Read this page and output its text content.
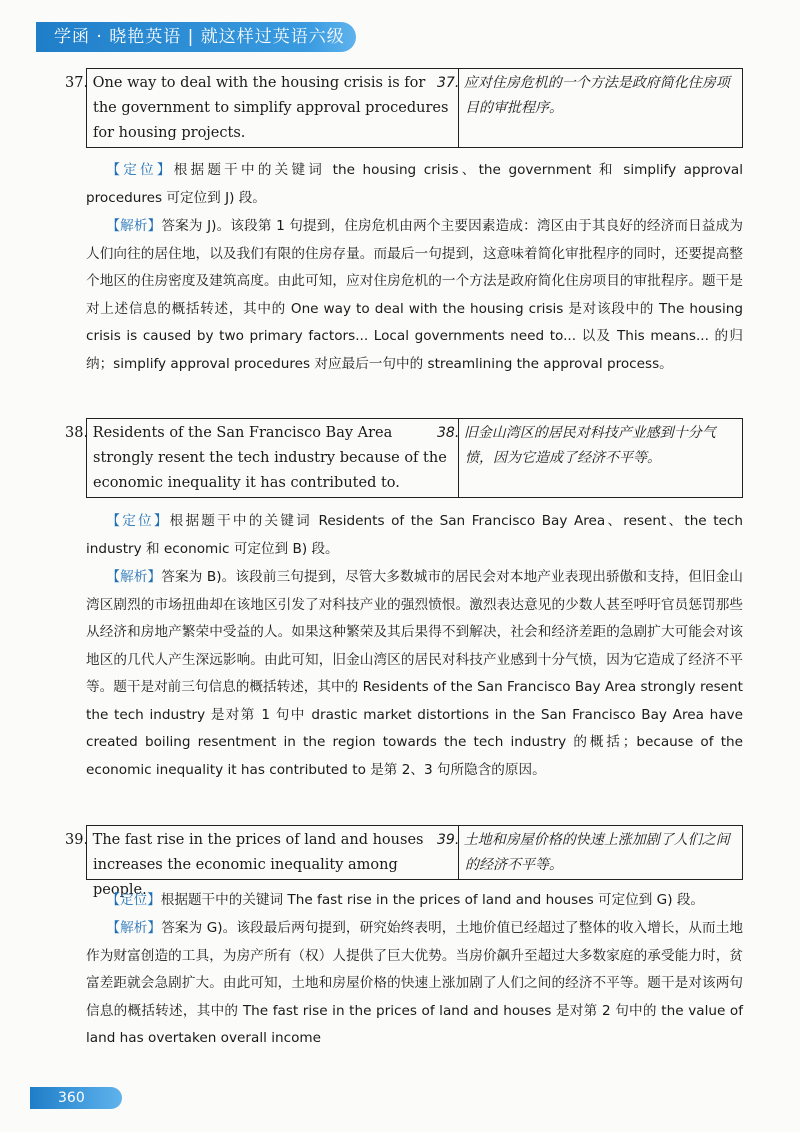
学函 · 晓艳英语 | 就这样过英语六级
37. One way to deal with the housing crisis is for the government to simplify approval procedures for housing projects.
37. 应对住房危机的一个方法是政府简化住房项目的审批程序。

【定位】根据题干中的关键词 the housing crisis、the government 和 simplify approval procedures 可定位到 J) 段。

【解析】答案为 J)。该段第 1 句提到，住房危机由两个主要因素造成：湾区由于其良好的经济而日益成为人们向往的居住地，以及我们有限的住房存量。而最后一句提到，这意味着简化审批程序的同时，还要提高整个地区的住房密度及建筑高度。由此可知，应对住房危机的一个方法是政府简化住房项目的审批程序。题干是对上述信息的概括转述，其中的 One way to deal with the housing crisis 是对该段中的 The housing crisis is caused by two primary factors... Local governments need to... 以及 This means... 的归纳；simplify approval procedures 对应最后一句中的 streamlining the approval process。

38. Residents of the San Francisco Bay Area strongly resent the tech industry because of the economic inequality it has contributed to.
38. 旧金山湾区的居民对科技产业感到十分气愤，因为它造成了经济不平等。

【定位】根据题干中的关键词 Residents of the San Francisco Bay Area、resent、the tech industry 和 economic 可定位到 B) 段。

【解析】答案为 B)。该段前三句提到，尽管大多数城市的居民会对本地产业表现出骄傲和支持，但旧金山湾区剧烈的市场扭曲却在该地区引发了对科技产业的强烈愤恨。激烈表达意见的少数人甚至呼吁官员惩罚那些从经济和房地产繁荣中受益的人。如果这种繁荣及其后果得不到解决，社会和经济差距的急剧扩大可能会对该地区的几代人产生深远影响。由此可知，旧金山湾区的居民对科技产业感到十分气愤，因为它造成了经济不平等。题干是对前三句信息的概括转述，其中的 Residents of the San Francisco Bay Area strongly resent the tech industry 是对第 1 句中 drastic market distortions in the San Francisco Bay Area have created boiling resentment in the region towards the tech industry 的概括；because of the economic inequality it has contributed to 是第 2、3 句所隐含的原因。

39. The fast rise in the prices of land and houses increases the economic inequality among people.
39. 土地和房屋价格的快速上涨加剧了人们之间的经济不平等。

【定位】根据题干中的关键词 The fast rise in the prices of land and houses 可定位到 G) 段。

【解析】答案为 G)。该段最后两句提到，研究始终表明，土地价值已经超过了整体的收入增长，从而土地作为财富创造的工具，为房产所有（权）人提供了巨大优势。当房价飙升至超过大多数家庭的承受能力时，贫富差距就会急剧扩大。由此可知，土地和房屋价格的快速上涨加剧了人们之间的经济不平等。题干是对该两句信息的概括转述，其中的 The fast rise in the prices of land and houses 是对第 2 句中的 the value of land has overtaken overall income

360
